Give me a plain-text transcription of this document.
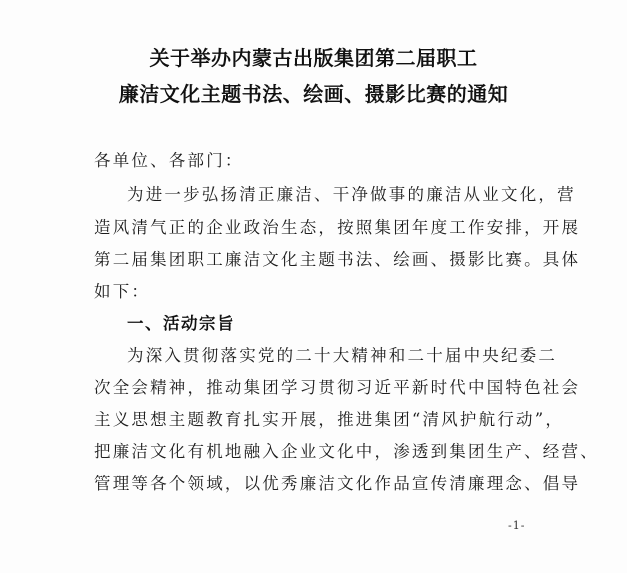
关于举办内蒙古出版集团第二届职工
廉洁文化主题书法、绘画、摄影比赛的通知
各单位、各部门：
为进一步弘扬清正廉洁、干净做事的廉洁从业文化，营
造风清气正的企业政治生态，按照集团年度工作安排，开展
第二届集团职工廉洁文化主题书法、绘画、摄影比赛。具体
如下：
一、活动宗旨
为深入贯彻落实党的二十大精神和二十届中央纪委二
次全会精神，推动集团学习贯彻习近平新时代中国特色社会
主义思想主题教育扎实开展，推进集团“清风护航行动”，
把廉洁文化有机地融入企业文化中，渗透到集团生产、经营、
管理等各个领域，以优秀廉洁文化作品宣传清廉理念、倡导
-1-
